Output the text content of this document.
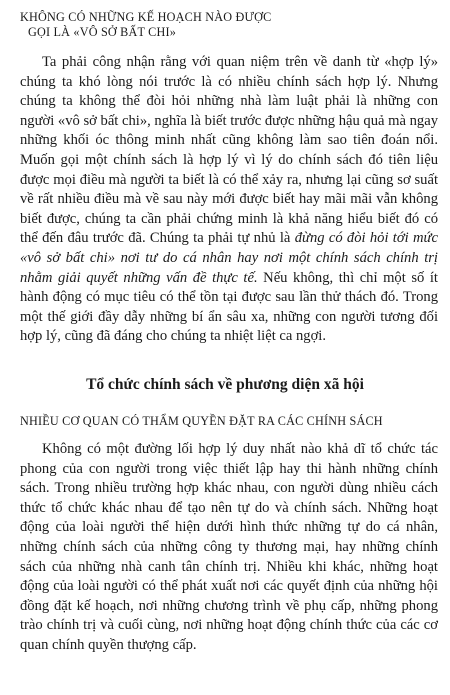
KHÔNG CÓ NHỮNG KẾ HOẠCH NÀO ĐƯỢC
GỌI LÀ «VÔ SỞ BẤT CHI»

Ta phải công nhận rằng với quan niệm trên về danh từ «hợp lý» chúng ta khó lòng nói trước là có nhiều chính sách hợp lý. Nhưng chúng ta không thể đòi hỏi những nhà làm luật phải là những con người «vô sở bất chi», nghĩa là biết trước được những hậu quả mà ngay những khối óc thông minh nhất cũng không làm sao tiên đoán nổi. Muốn gọi một chính sách là hợp lý vì lý do chính sách đó tiên liệu được mọi điều mà người ta biết là có thể xảy ra, nhưng lại cũng sơ suất về rất nhiều điều mà về sau này mới được biết hay mãi mãi vẫn không biết được, chúng ta cần phải chứng minh là khả năng hiểu biết đó có thể đến đâu trước đã. Chúng ta phải tự nhủ là đừng có đòi hỏi tới mức «vô sở bất chi» nơi tư do cá nhân hay nơi một chính sách chính trị nhằm giải quyết những vấn đề thực tế. Nếu không, thì chỉ một số ít hành động có mục tiêu có thể tồn tại được sau lần thử thách đó. Trong một thế giới đầy dẫy những bí ẩn sâu xa, những con người tương đối hợp lý, cũng đã đáng cho chúng ta nhiệt liệt ca ngợi.

Tổ chức chính sách về phương diện xã hội
NHIỀU CƠ QUAN CÓ THẨM QUYỀN ĐẶT RA CÁC CHÍNH SÁCH

Không có một đường lối hợp lý duy nhất nào khả dĩ tổ chức tác phong của con người trong việc thiết lập hay thi hành những chính sách. Trong nhiều trường hợp khác nhau, con người dùng nhiều cách thức tổ chức khác nhau để tạo nên tự do và chính sách. Những hoạt động của loài người thể hiện dưới hình thức những tự do cá nhân, những chính sách của những công ty thương mại, hay những chính sách của những nhà canh tân chính trị. Nhiều khi khác, những hoạt động của loài người có thể phát xuất nơi các quyết định của những hội đồng đặt kế hoạch, nơi những chương trình về phụ cấp, những phong trào chính trị và cuối cùng, nơi những hoạt động chính thức của các cơ quan chính quyền thượng cấp.
